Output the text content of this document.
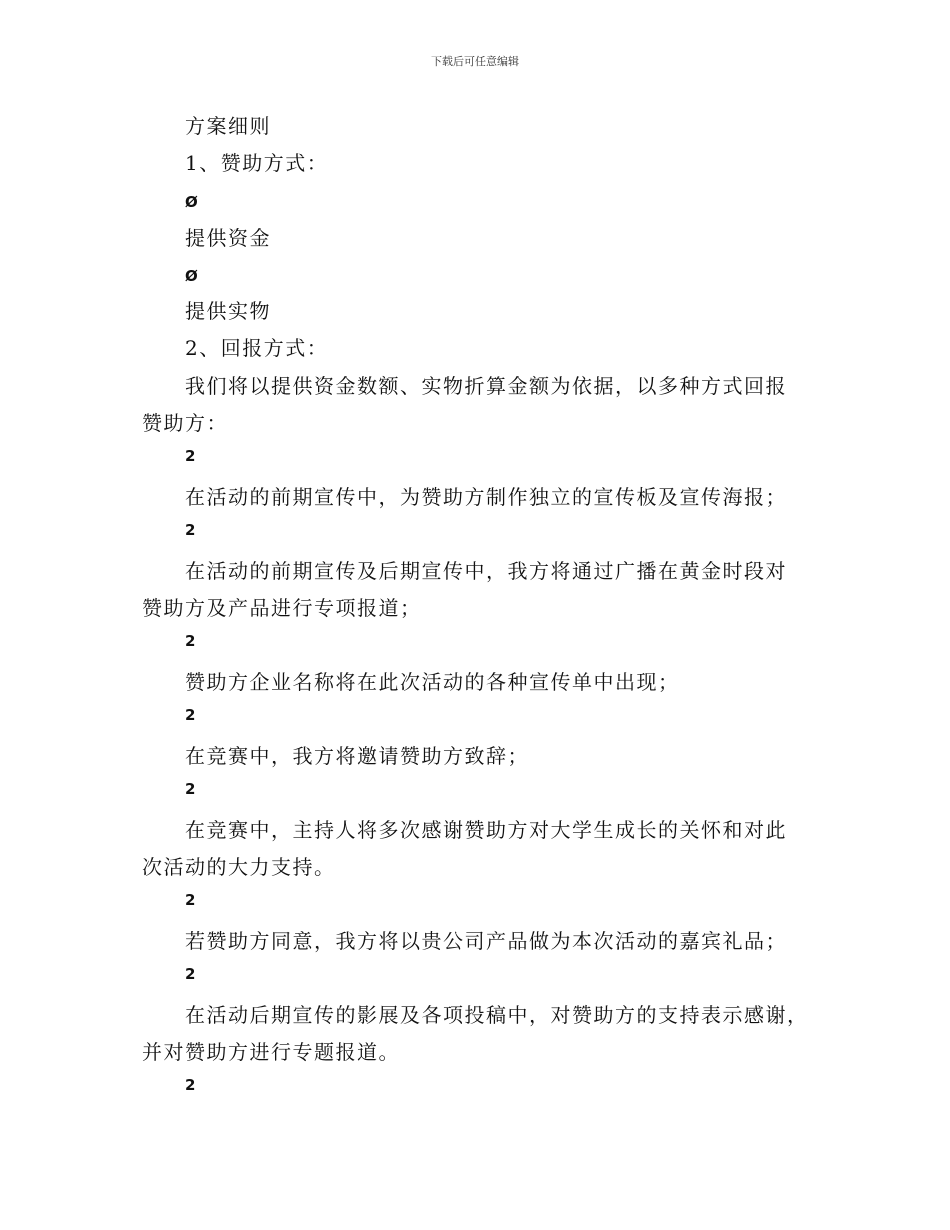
下载后可任意编辑
方案细则
1、赞助方式：
Ø
提供资金
Ø
提供实物
2、回报方式：
我们将以提供资金数额、实物折算金额为依据，以多种方式回报
赞助方：
2
在活动的前期宣传中，为赞助方制作独立的宣传板及宣传海报；
2
在活动的前期宣传及后期宣传中，我方将通过广播在黄金时段对
赞助方及产品进行专项报道；
2
赞助方企业名称将在此次活动的各种宣传单中出现；
2
在竞赛中，我方将邀请赞助方致辞；
2
在竞赛中，主持人将多次感谢赞助方对大学生成长的关怀和对此
次活动的大力支持。
2
若赞助方同意，我方将以贵公司产品做为本次活动的嘉宾礼品；
2
在活动后期宣传的影展及各项投稿中，对赞助方的支持表示感谢，
并对赞助方进行专题报道。
2
